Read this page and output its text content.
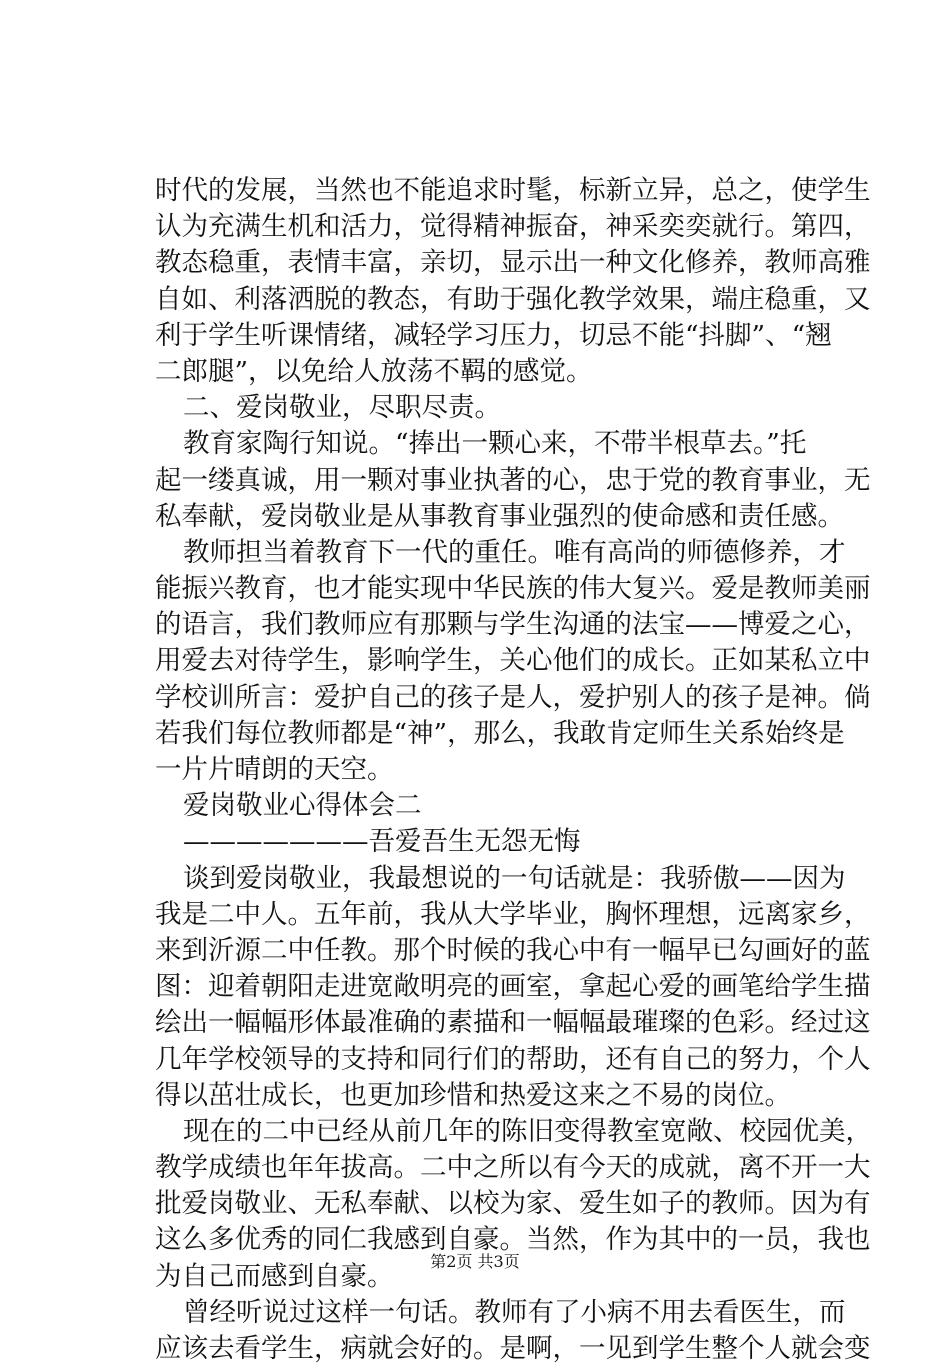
时代的发展，当然也不能追求时髦，标新立异，总之，使学生
认为充满生机和活力，觉得精神振奋，神采奕奕就行。第四，
教态稳重，表情丰富，亲切，显示出一种文化修养，教师高雅
自如、利落洒脱的教态，有助于强化教学效果，端庄稳重，又
利于学生听课情绪，减轻学习压力，切忌不能“抖脚”、“翘
二郎腿”，以免给人放荡不羁的感觉。
二、爱岗敬业，尽职尽责。
教育家陶行知说。“捧出一颗心来，不带半根草去。”托
起一缕真诚，用一颗对事业执著的心，忠于党的教育事业，无
私奉献，爱岗敬业是从事教育事业强烈的使命感和责任感。
教师担当着教育下一代的重任。唯有高尚的师德修养，才
能振兴教育，也才能实现中华民族的伟大复兴。爱是教师美丽
的语言，我们教师应有那颗与学生沟通的法宝——博爱之心，
用爱去对待学生，影响学生，关心他们的成长。正如某私立中
学校训所言：爱护自己的孩子是人，爱护别人的孩子是神。倘
若我们每位教师都是“神”，那么，我敢肯定师生关系始终是
一片片晴朗的天空。
爱岗敬业心得体会二
———————吾爱吾生无怨无悔
谈到爱岗敬业，我最想说的一句话就是：我骄傲——因为
我是二中人。五年前，我从大学毕业，胸怀理想，远离家乡，
来到沂源二中任教。那个时候的我心中有一幅早已勾画好的蓝
图：迎着朝阳走进宽敞明亮的画室，拿起心爱的画笔给学生描
绘出一幅幅形体最准确的素描和一幅幅最璀璨的色彩。经过这
几年学校领导的支持和同行们的帮助，还有自己的努力，个人
得以茁壮成长，也更加珍惜和热爱这来之不易的岗位。
现在的二中已经从前几年的陈旧变得教室宽敞、校园优美，
教学成绩也年年拔高。二中之所以有今天的成就，离不开一大
批爱岗敬业、无私奉献、以校为家、爱生如子的教师。因为有
这么多优秀的同仁我感到自豪。当然，作为其中的一员，我也
为自己而感到自豪。
曾经听说过这样一句话。教师有了小病不用去看医生，而
应该去看学生，病就会好的。是啊，一见到学生整个人就会变
第2页 共3页
